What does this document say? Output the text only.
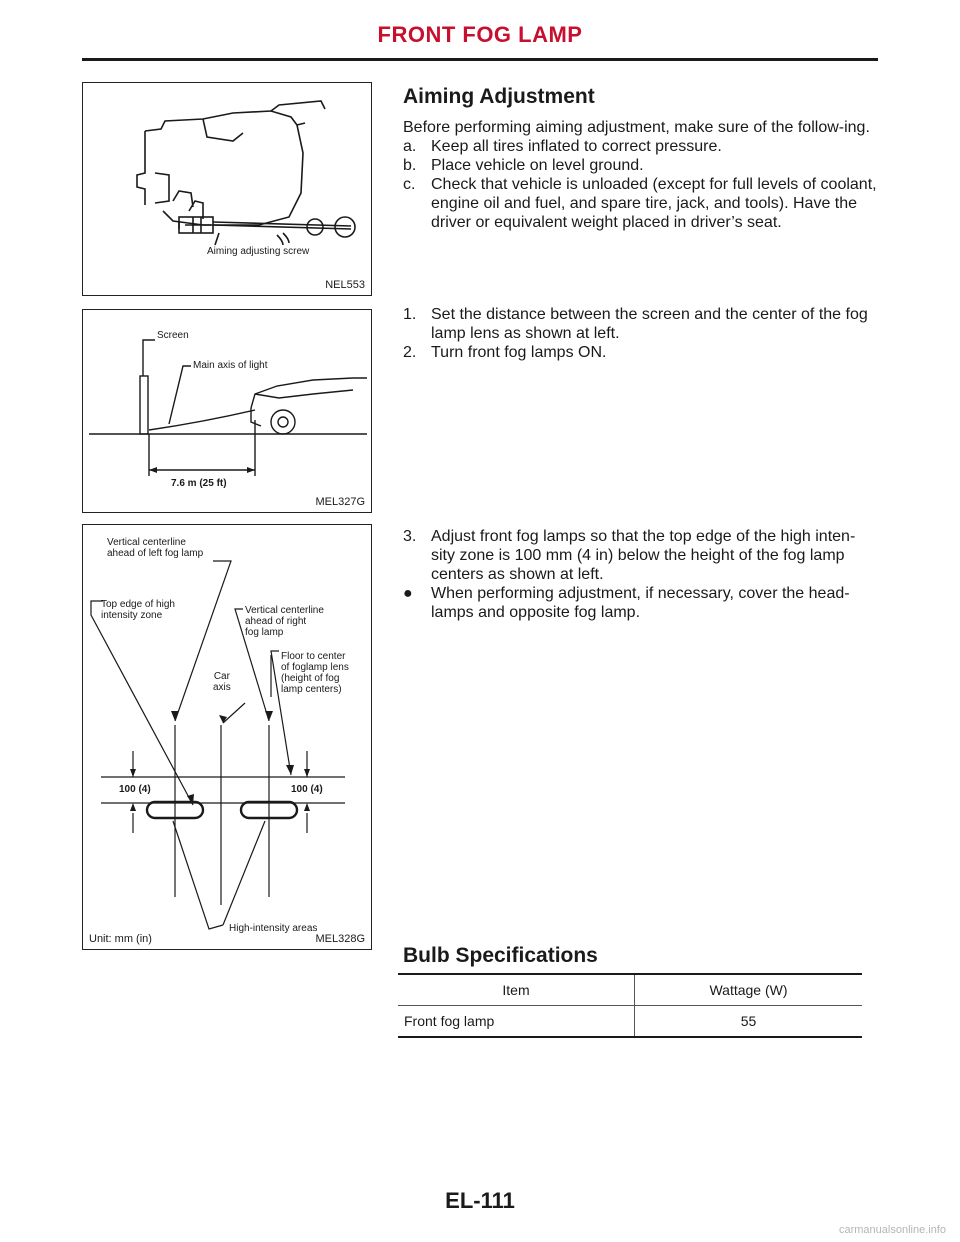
FRONT FOG LAMP
Aiming adjusting screw
NEL553
Screen
Main axis of light
7.6 m (25 ft)
MEL327G
Vertical centerline
ahead of left fog lamp
Top edge of high
intensity zone	Vertical centerline
ahead of right
fog lamp
Floor to center
of foglamp lens
(height of fog
lamp centers)
Car
axis
100 (4)	100 (4)
High-intensity areas
Unit: mm (in)	MEL328G
Aiming Adjustment
Before performing aiming adjustment, make sure of the follow-ing.
a. Keep all tires inflated to correct pressure.
b. Place vehicle on level ground.
c. Check that vehicle is unloaded (except for full levels of coolant, engine oil and fuel, and spare tire, jack, and tools). Have the driver or equivalent weight placed in driver’s seat.
1. Set the distance between the screen and the center of the fog lamp lens as shown at left.
2. Turn front fog lamps ON.
3. Adjust front fog lamps so that the top edge of the high inten-sity zone is 100 mm (4 in) below the height of the fog lamp centers as shown at left.
● When performing adjustment, if necessary, cover the head-lamps and opposite fog lamp.
Bulb Specifications
Item	Wattage (W)
Front fog lamp	55
EL-111
carmanualsonline.info
